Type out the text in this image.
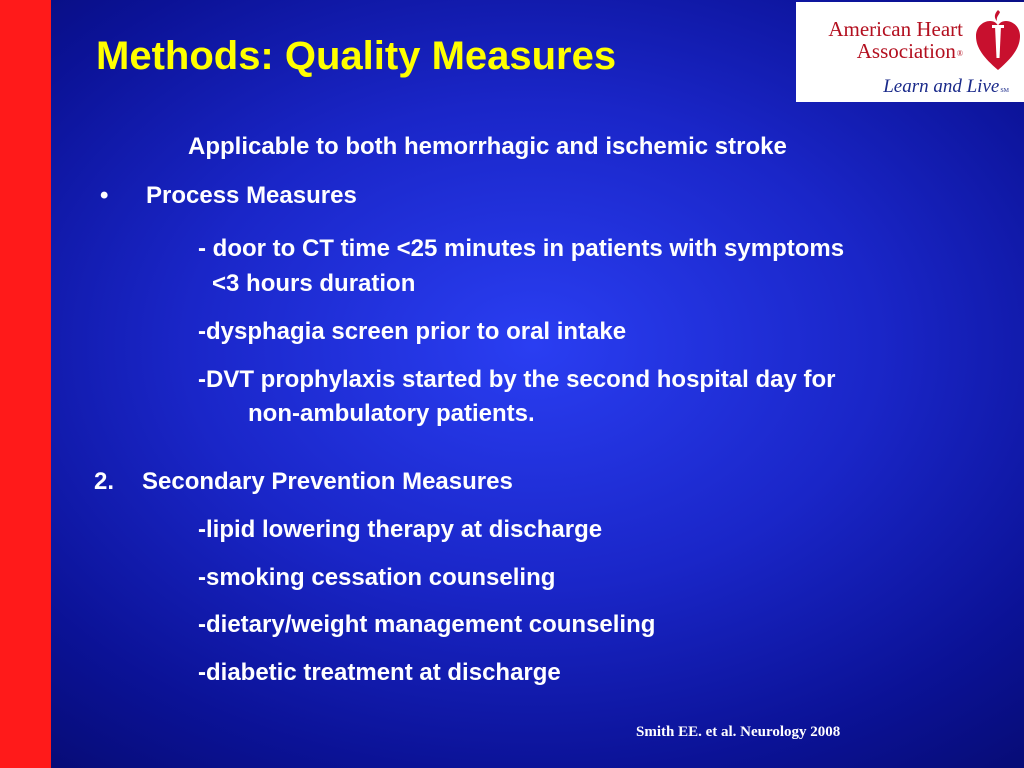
American Heart
Association®
Learn and LiveSM
Methods: Quality Measures
Applicable to both hemorrhagic and ischemic stroke
• Process Measures
- door to CT time <25 minutes in patients with symptoms
<3 hours duration
-dysphagia screen prior to oral intake
-DVT prophylaxis started by the second hospital day for
non-ambulatory patients.
2. Secondary Prevention Measures
-lipid lowering therapy at discharge
-smoking cessation counseling
-dietary/weight management counseling
-diabetic treatment at discharge
Smith EE. et al. Neurology 2008
